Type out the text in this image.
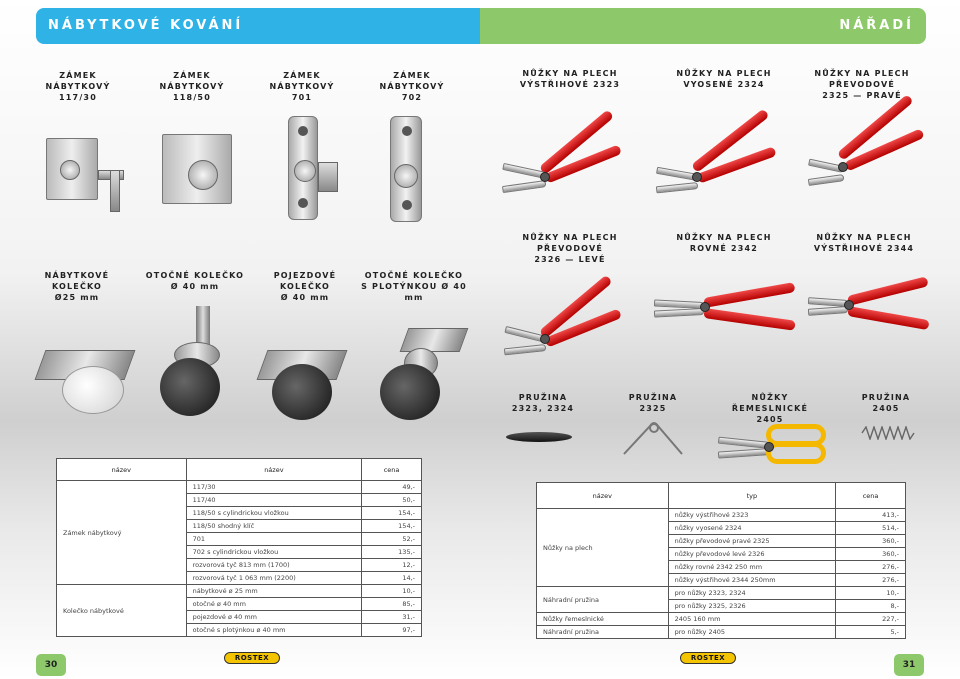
NÁBYTKOVÉ KOVÁNÍ	NÁŘADÍ
ZÁMEK NÁBYTKOVÝ
117/30
ZÁMEK NÁBYTKOVÝ
118/50
ZÁMEK NÁBYTKOVÝ
701
ZÁMEK NÁBYTKOVÝ
702
NŮŽKY NA PLECH
VÝSTŘIHOVÉ 2323
NŮŽKY NA PLECH
VYOSENÉ 2324
NŮŽKY NA PLECH
PŘEVODOVÉ
2325 — PRAVÉ
NŮŽKY NA PLECH
PŘEVODOVÉ
2326 — LEVÉ
NŮŽKY NA PLECH
ROVNÉ 2342
NŮŽKY NA PLECH
VÝSTŘIHOVÉ 2344
NÁBYTKOVÉ KOLEČKO
Ø25 mm
OTOČNÉ KOLEČKO
Ø 40 mm
POJEZDOVÉ KOLEČKO
Ø 40 mm
OTOČNÉ KOLEČKO
S PLOTÝNKOU Ø 40 mm
PRUŽINA
2323, 2324
PRUŽINA
2325
NŮŽKY ŘEMESLNICKÉ
2405
PRUŽINA
2405
název	název	cena
Zámek nábytkový	117/30	49,-
	117/40	50,-
	118/50 s cylindrickou vložkou	154,-
	118/50 shodný klíč	154,-
	701	52,-
	702 s cylindrickou vložkou	135,-
	rozvorová tyč 813 mm (1700)	12,-
	rozvorová tyč 1 063 mm (2200)	14,-
Kolečko nábytkové	nábytkové ø 25 mm	10,-
	otočné ø 40 mm	85,-
	pojezdové ø 40 mm	31,-
	otočné s plotýnkou ø 40 mm	97,-
název	typ	cena
Nůžky na plech	nůžky výstřihové 2323	413,-
	nůžky vyosené 2324	514,-
	nůžky převodové pravé 2325	360,-
	nůžky převodové levé 2326	360,-
	nůžky rovné 2342 250 mm	276,-
	nůžky výstřihové 2344 250mm	276,-
Náhradní pružina	pro nůžky 2323, 2324	10,-
	pro nůžky 2325, 2326	8,-
Nůžky řemeslnické	2405 160 mm	227,-
Náhradní pružina	pro nůžky 2405	5,-
30
ROSTEX	ROSTEX
31
